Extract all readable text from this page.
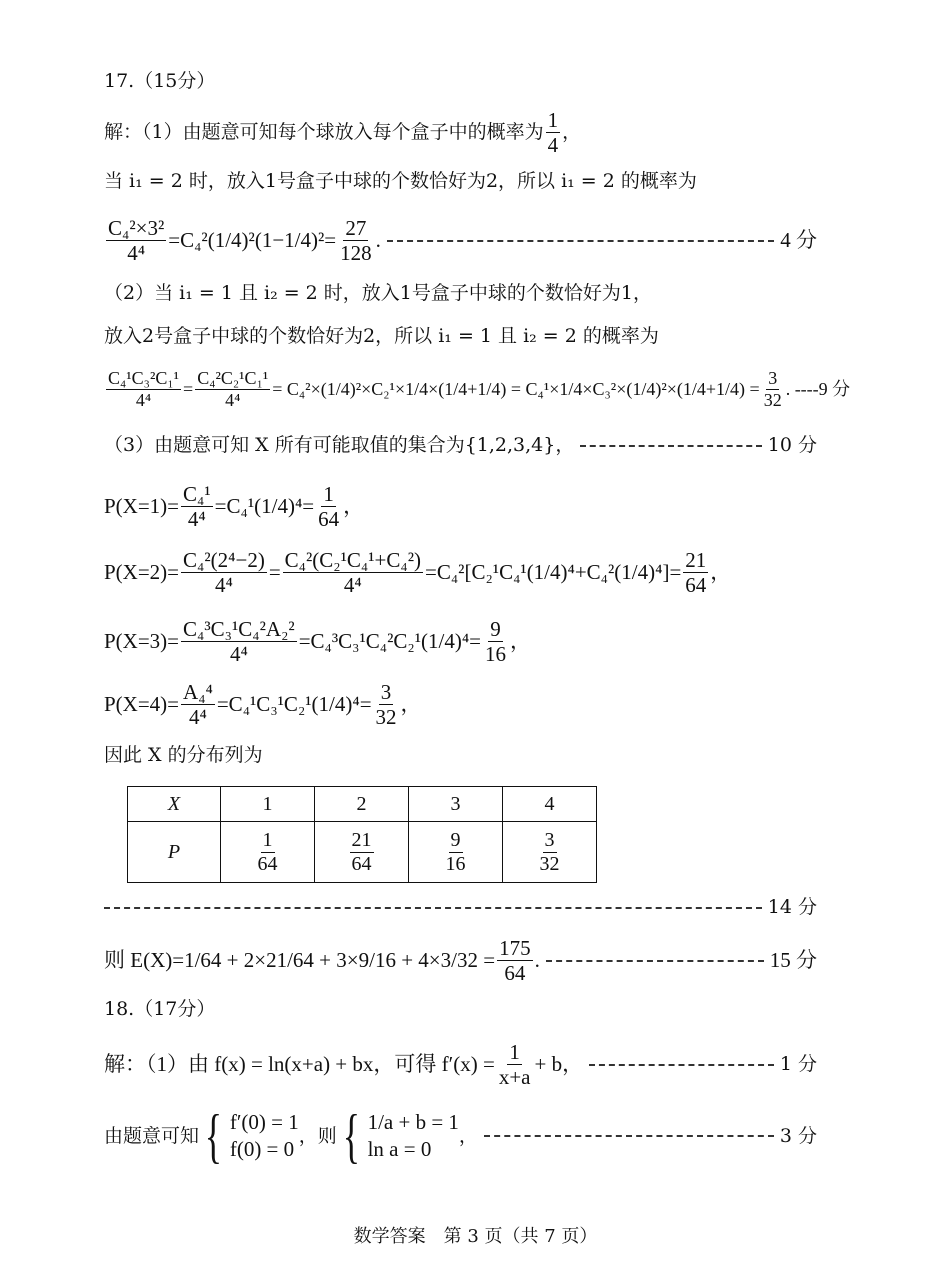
17.（15分）
解：（1）由题意可知每个球放入每个盒子中的概率为 $\frac{1}{4}$ ，
当 i₁ = 2 时，放入1号盒子中球的个数恰好为2，所以 i₁ = 2 的概率为
$\frac{\text{C₄²×3²}}{\text{4⁴}} =C_4^2(1/4)^2(1-1/4)^2= \frac{27}{128}$ .	4 分
（2）当 i₁ = 1 且 i₂ = 2 时，放入1号盒子中球的个数恰好为1，
放入2号盒子中球的个数恰好为2，所以 i₁ = 1 且 i₂ = 2 的概率为
$\frac{\text{C₄¹C₃²C₁¹}}{\text{4⁴}} = \frac{\text{C₄²C₂¹C₁¹}}{\text{4⁴}} = C_4^2\times(1/4)^2\times C_2^1\times 1/4\times(1/4+1/4) = C_4^1\times 1/4\times C_3^2\times(1/4)^2\times(1/4+1/4) = \frac{3}{32}$ . ----9 分
（3）由题意可知 X 所有可能取值的集合为{1,2,3,4}，	10 分
$P(X=1)= \frac{\text{C₄¹}}{\text{4⁴}} =C_4^1(1/4)^4= \frac{1}{64}$ ，
$P(X=2)= \frac{\text{C₄²(2⁴−2)}}{\text{4⁴}} = \frac{\text{C₄²(C₂¹C₄¹+C₄²)}}{\text{4⁴}} =C_4^2[C_2^1C_4^1(1/4)^4+C_4^2(1/4)^4]= \frac{21}{64}$ ，
$P(X=3)= \frac{\text{C₄³C₃¹C₄²A₂²}}{\text{4⁴}} =C_4^3C_3^1C_4^2C_2^1(1/4)^4= \frac{9}{16}$ ，
$P(X=4)= \frac{\text{A₄⁴}}{\text{4⁴}} =C_4^1C_3^1C_2^1(1/4)^4= \frac{3}{32}$ ，
因此 X 的分布列为
X	1	2	3	4
P	$\frac{1}{64}$	$\frac{21}{64}$	$\frac{9}{16}$	$\frac{3}{32}$
14 分
则 $E(X)= 1/64 + 2\times 21/64 + 3\times 9/16 + 4\times 3/32 = \frac{175}{64}$ .	15 分
18.（17分）
解：（1）由 f(x) = ln(x+a) + bx，可得 $f'(x) = \frac{1}{x+a} + b$，	1 分
由题意可知 { f′(0) = 1
f(0) = 0
，则 { 1/a + b = 1
ln a = 0
，	3 分
数学答案　第 3 页（共 7 页）
